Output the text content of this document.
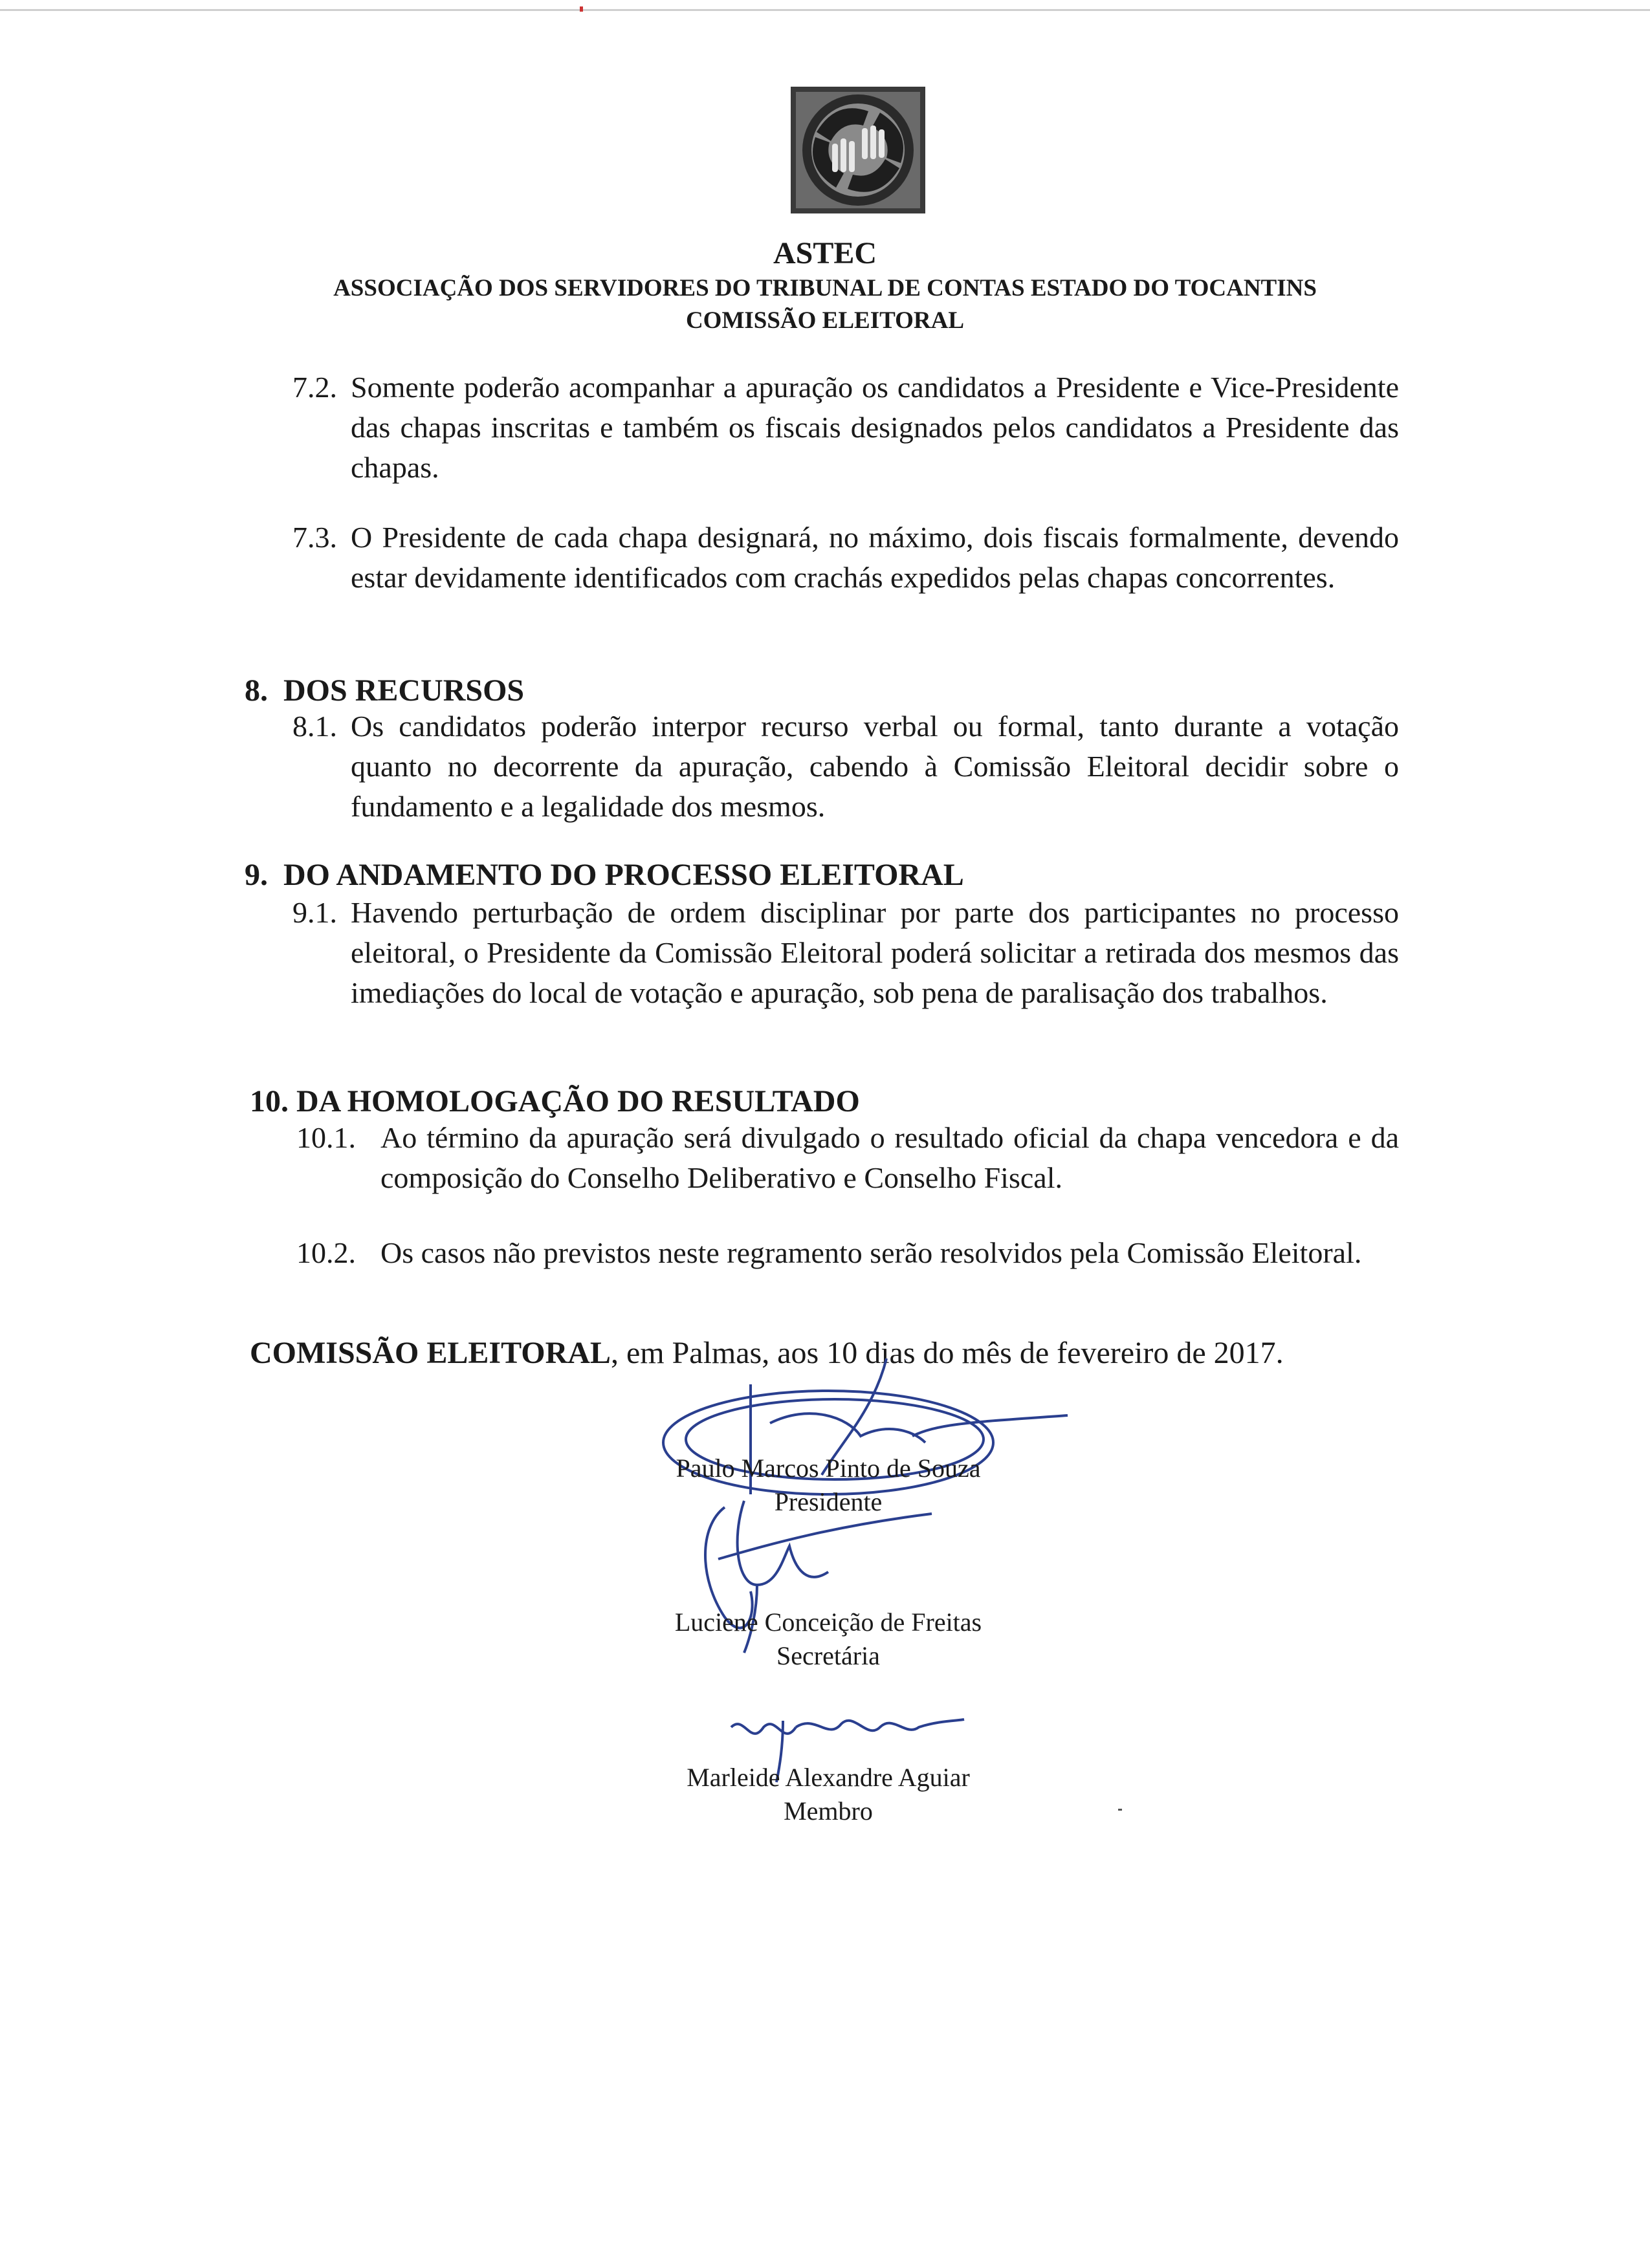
ASTEC
ASSOCIAÇÃO DOS SERVIDORES DO TRIBUNAL DE CONTAS ESTADO DO TOCANTINS
COMISSÃO ELEITORAL
7.2. Somente poderão acompanhar a apuração os candidatos a Presidente e Vice-Presidente das chapas inscritas e também os fiscais designados pelos candidatos a Presidente das chapas.
7.3. O Presidente de cada chapa designará, no máximo, dois fiscais formalmente, devendo estar devidamente identificados com crachás expedidos pelas chapas concorrentes.
8.  DOS RECURSOS
8.1. Os candidatos poderão interpor recurso verbal ou formal, tanto durante a votação quanto no decorrente da apuração, cabendo à Comissão Eleitoral decidir sobre o fundamento e a legalidade dos mesmos.
9.  DO ANDAMENTO DO PROCESSO ELEITORAL
9.1. Havendo perturbação de ordem disciplinar por parte dos participantes no processo eleitoral, o Presidente da Comissão Eleitoral poderá solicitar a retirada dos mesmos das imediações do local de votação e apuração, sob pena de paralisação dos trabalhos.
10. DA HOMOLOGAÇÃO DO RESULTADO
10.1. Ao término da apuração será divulgado o resultado oficial da chapa vencedora e da composição do Conselho Deliberativo e Conselho Fiscal.
10.2. Os casos não previstos neste regramento serão resolvidos pela Comissão Eleitoral.
COMISSÃO ELEITORAL, em Palmas, aos 10 dias do mês de fevereiro de 2017.
Paulo Marcos Pinto de Souza
Presidente
Luciene Conceição de Freitas
Secretária
Marleide Alexandre Aguiar
Membro
